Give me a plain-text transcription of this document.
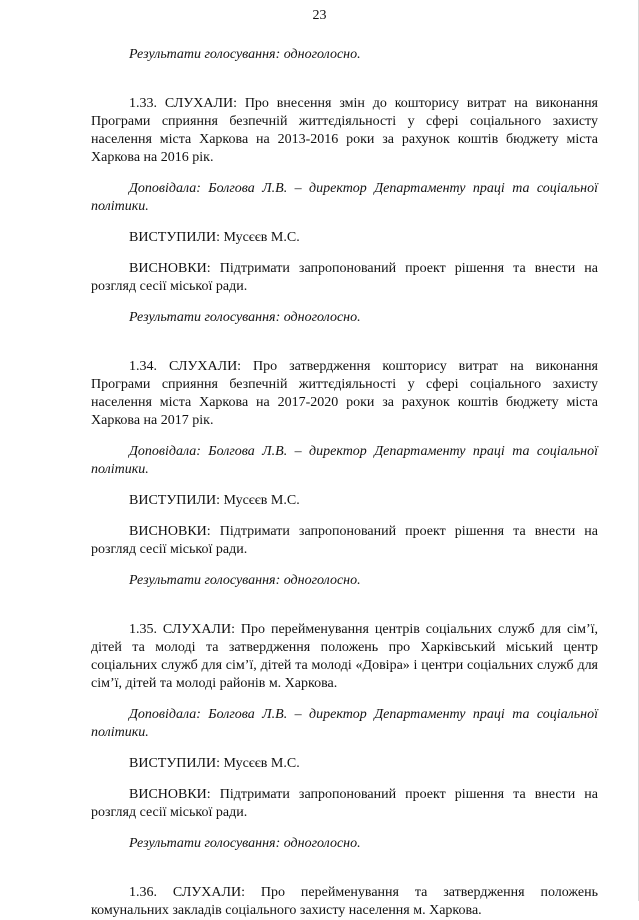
23

Результати голосування: одноголосно.

1.33. СЛУХАЛИ: Про внесення змін до кошторису витрат на виконання Програми сприяння безпечній життєдіяльності у сфері соціального захисту населення міста Харкова на 2013-2016 роки за рахунок коштів бюджету міста Харкова на 2016 рік.

Доповідала: Болгова Л.В. – директор Департаменту праці та соціальної політики.

ВИСТУПИЛИ: Мусєєв М.С.

ВИСНОВКИ: Підтримати запропонований проект рішення та внести на розгляд сесії міської ради.

Результати голосування: одноголосно.

1.34. СЛУХАЛИ: Про затвердження кошторису витрат на виконання Програми сприяння безпечній життєдіяльності у сфері соціального захисту населення міста Харкова на 2017-2020 роки за рахунок коштів бюджету міста Харкова на 2017 рік.

Доповідала: Болгова Л.В. – директор Департаменту праці та соціальної політики.

ВИСТУПИЛИ: Мусєєв М.С.

ВИСНОВКИ: Підтримати запропонований проект рішення та внести на розгляд сесії міської ради.

Результати голосування: одноголосно.

1.35. СЛУХАЛИ: Про перейменування центрів соціальних служб для сім’ї, дітей та молоді та затвердження положень про Харківський міський центр соціальних служб для сім’ї, дітей та молоді «Довіра» і центри соціальних служб для сім’ї, дітей та молоді районів м. Харкова.

Доповідала: Болгова Л.В. – директор Департаменту праці та соціальної політики.

ВИСТУПИЛИ: Мусєєв М.С.

ВИСНОВКИ: Підтримати запропонований проект рішення та внести на розгляд сесії міської ради.

Результати голосування: одноголосно.

1.36. СЛУХАЛИ: Про перейменування та затвердження положень комунальних закладів соціального захисту населення м. Харкова.
